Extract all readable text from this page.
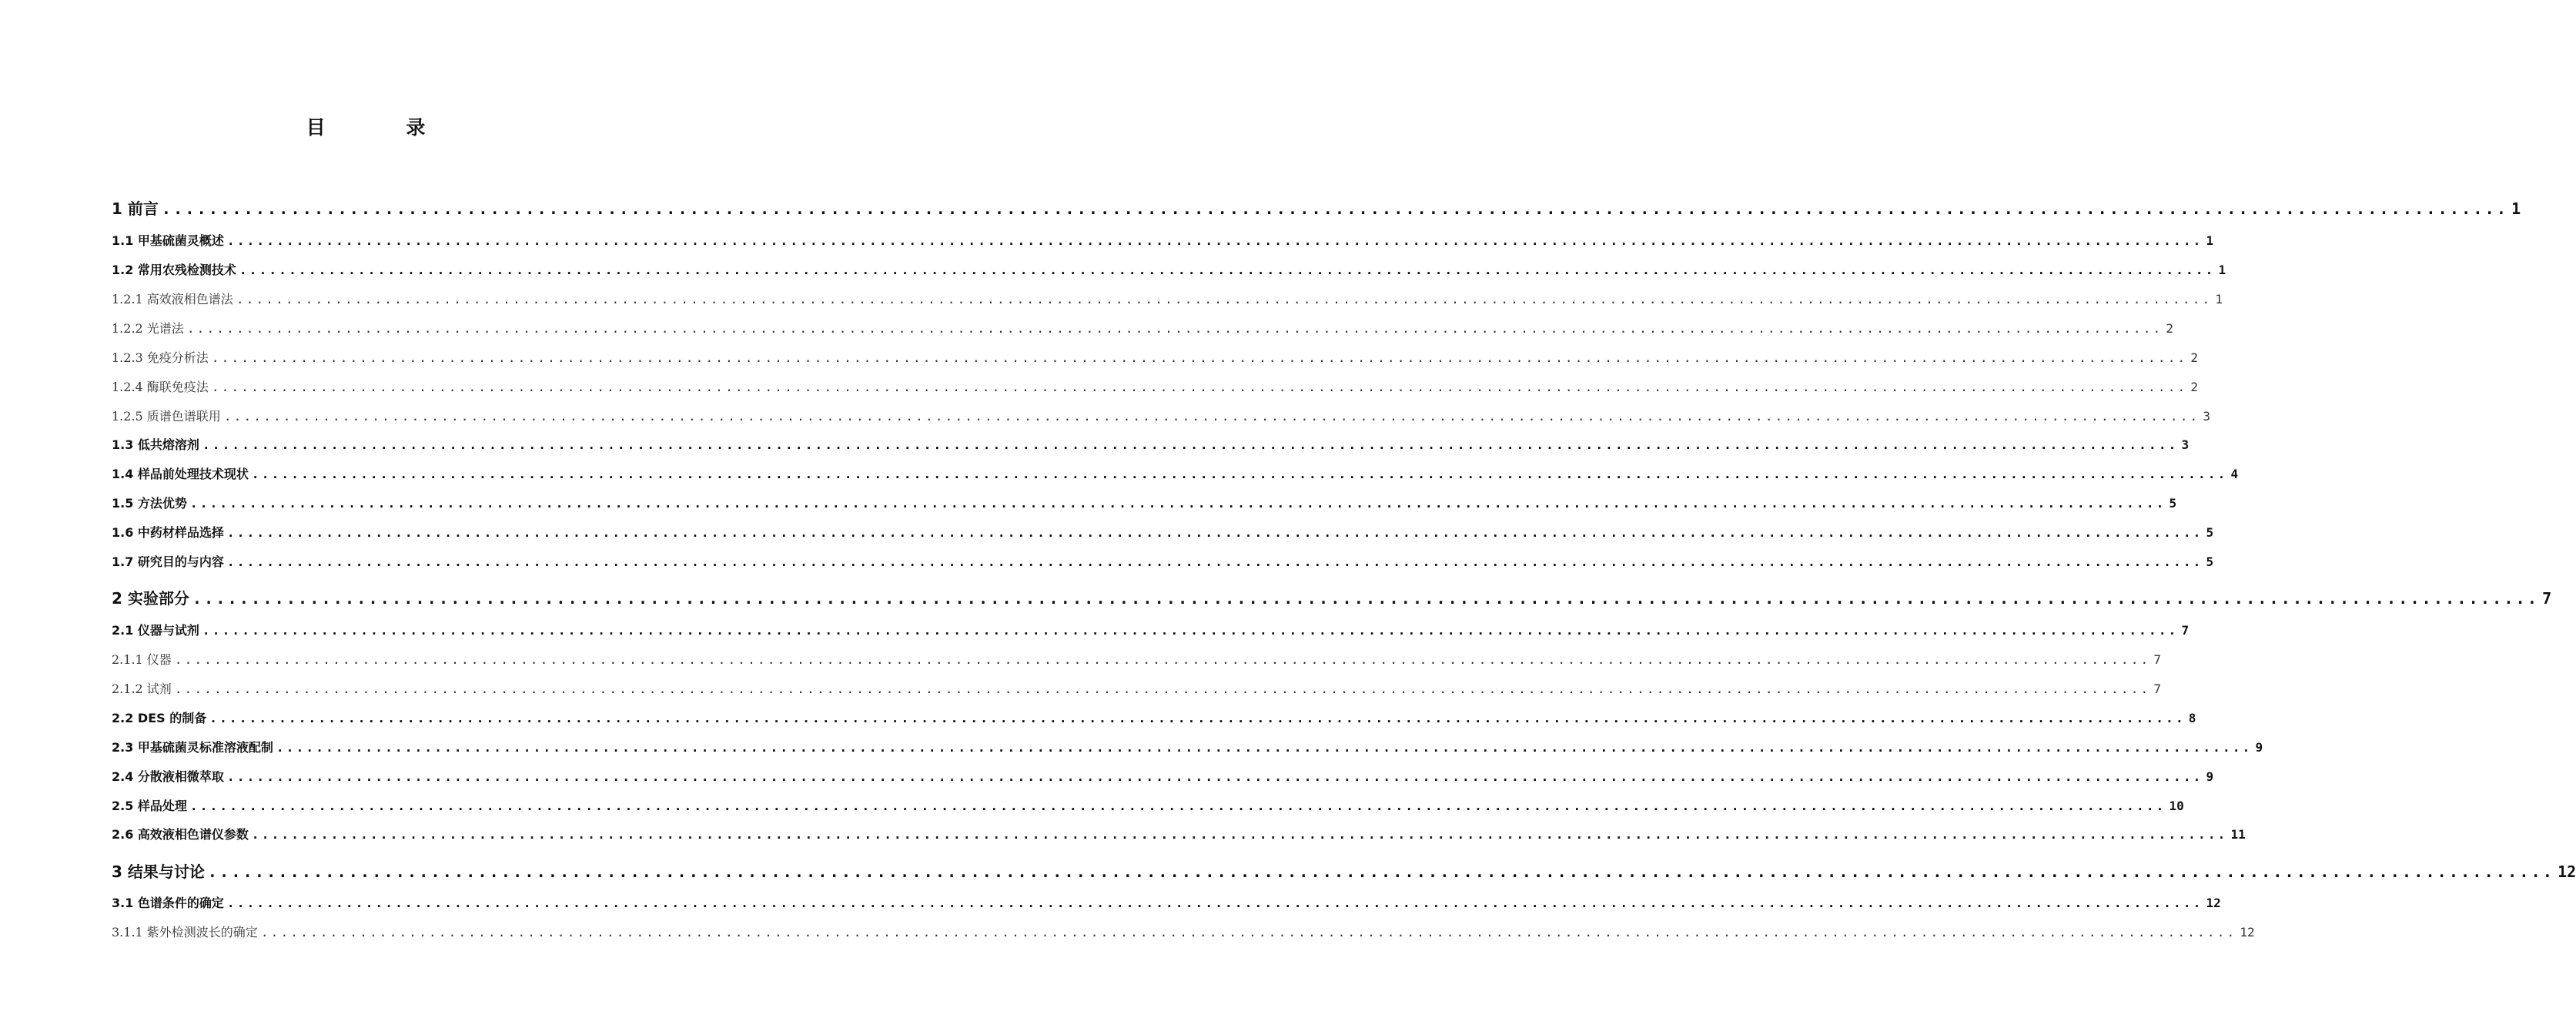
目 录
1 前言 ........................................................................................................................................................................................................ 1
1.1 甲基硫菌灵概述 ........................................................................................................................................................................................................ 1
1.2 常用农残检测技术 ........................................................................................................................................................................................................ 1
1.2.1 高效液相色谱法 ........................................................................................................................................................................................................ 1
1.2.2 光谱法 ........................................................................................................................................................................................................ 2
1.2.3 免疫分析法 ........................................................................................................................................................................................................ 2
1.2.4 酶联免疫法 ........................................................................................................................................................................................................ 2
1.2.5 质谱色谱联用 ........................................................................................................................................................................................................ 3
1.3 低共熔溶剂 ........................................................................................................................................................................................................ 3
1.4 样品前处理技术现状 ........................................................................................................................................................................................................ 4
1.5 方法优势 ........................................................................................................................................................................................................ 5
1.6 中药材样品选择 ........................................................................................................................................................................................................ 5
1.7 研究目的与内容 ........................................................................................................................................................................................................ 5
2 实验部分 ........................................................................................................................................................................................................ 7
2.1 仪器与试剂 ........................................................................................................................................................................................................ 7
2.1.1 仪器 ........................................................................................................................................................................................................ 7
2.1.2 试剂 ........................................................................................................................................................................................................ 7
2.2 DES 的制备 ........................................................................................................................................................................................................ 8
2.3 甲基硫菌灵标准溶液配制 ........................................................................................................................................................................................................ 9
2.4 分散液相微萃取 ........................................................................................................................................................................................................ 9
2.5 样品处理 ........................................................................................................................................................................................................ 10
2.6 高效液相色谱仪参数 ........................................................................................................................................................................................................ 11
3 结果与讨论 ........................................................................................................................................................................................................ 12
3.1 色谱条件的确定 ........................................................................................................................................................................................................ 12
3.1.1 紫外检测波长的确定 ........................................................................................................................................................................................................ 12
